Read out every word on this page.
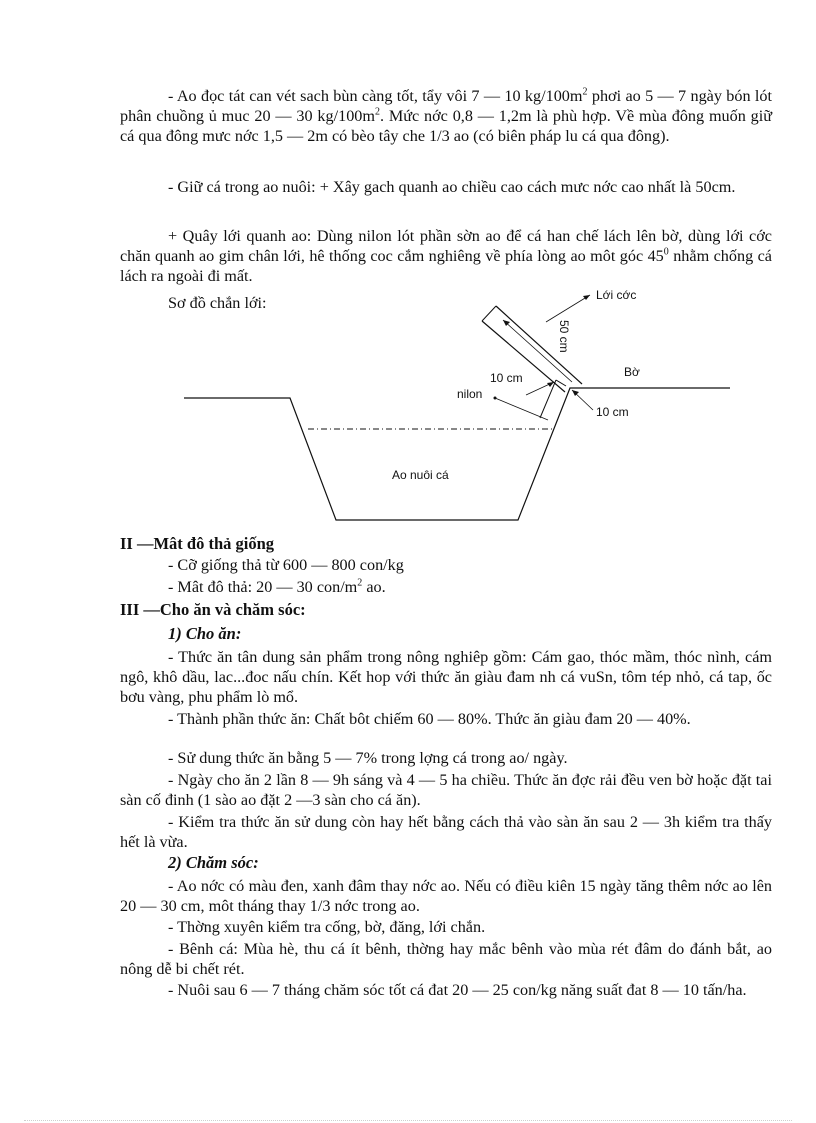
- Ao đọc tát can vét sach bùn càng tốt, tẩy vôi 7 — 10 $kg/100m^2$ phơi ao 5 — 7 ngày bón lót phân chuồng ủ muc 20 — 30 $kg/100m^2$. Mức nớc 0,8 — 1,2m là phù hợp. Về mùa đông muốn giữ cá qua đông mưc nớc 1,5 — 2m có bèo tây che 1/3 ao (có biên pháp lu cá qua đông).

- Giữ cá trong ao nuôi: + Xây gach quanh ao chiều cao cách mưc nớc cao nhất là 50cm.

+ Quây lới quanh ao: Dùng nilon lót phần sờn ao để cá han chế lách lên bờ, dùng lới cớc chăn quanh ao gim chân lới, hê thống coc cắm nghiêng về phía lòng ao môt góc $45^0$ nhằm chống cá lách ra ngoài đi mất.

Sơ đồ chắn lới:	Lới cớc
50 cm
Bờ
10 cm
nilon
10 cm
Ao nuôi cá

II —Mât đô thả giống

- Cỡ giống thả từ 600 — 800 con/kg

- Mât đô thả: 20 — 30 con/$m^2$ ao.

III —Cho ăn và chăm sóc:

1) Cho ăn:

- Thức ăn tân dung sản phẩm trong nông nghiêp gồm: Cám gao, thóc mầm, thóc nình, cám ngô, khô dầu, lac...đoc nấu chín. Kết hop với thức ăn giàu đam nh cá vuSn, tôm tép nhỏ, cá tap, ốc bơu vàng, phu phẩm lò mổ.

- Thành phần thức ăn: Chất bôt chiếm 60 — 80%. Thức ăn giàu đam 20 — 40%.

- Sử dung thức ăn bằng 5 — 7% trong lợng cá trong ao/ ngày.

- Ngày cho ăn 2 lần 8 — 9h sáng và 4 — 5 ha chiều. Thức ăn đợc rải đều ven bờ hoặc đặt tai sàn cố đinh (1 sào ao đặt 2 —3 sàn cho cá ăn).

- Kiểm tra thức ăn sử dung còn hay hết bằng cách thả vào sàn ăn sau 2 — 3h kiểm tra thấy hết là vừa.

2) Chăm sóc:

- Ao nớc có màu đen, xanh đâm thay nớc ao. Nếu có điều kiên 15 ngày tăng thêm nớc ao lên 20 — 30 cm, môt tháng thay 1/3 nớc trong ao.

- Thờng xuyên kiểm tra cống, bờ, đăng, lới chắn.

- Bênh cá: Mùa hè, thu cá ít bênh, thờng hay mắc bênh vào mùa rét đâm do đánh bắt, ao nông dễ bi chết rét.

- Nuôi sau 6 — 7 tháng chăm sóc tốt cá đat 20 — 25 con/kg năng suất đat 8 — 10 tấn/ha.
